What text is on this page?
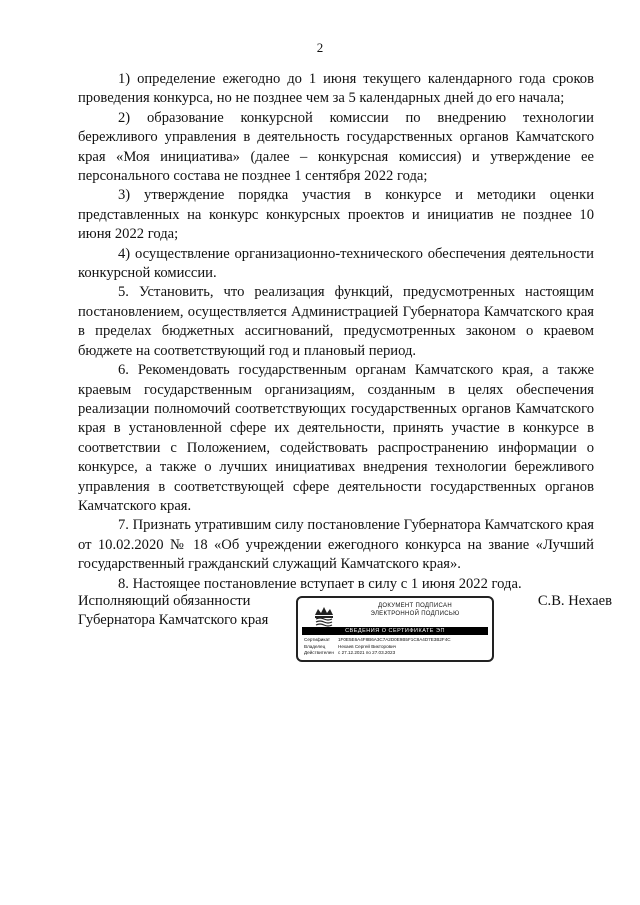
2

1) определение ежегодно до 1 июня текущего календарного года сроков проведения конкурса, но не позднее чем за 5 календарных дней до его начала;

2) образование конкурсной комиссии по внедрению технологии бережливого управления в деятельность государственных органов Камчатского края «Моя инициатива» (далее – конкурсная комиссия) и утверждение ее персонального состава не позднее 1 сентября 2022 года;

3) утверждение порядка участия в конкурсе и методики оценки представленных на конкурс конкурсных проектов и инициатив не позднее 10 июня 2022 года;

4) осуществление организационно-технического обеспечения деятельности конкурсной комиссии.

5. Установить, что реализация функций, предусмотренных настоящим постановлением, осуществляется Администрацией Губернатора Камчатского края в пределах бюджетных ассигнований, предусмотренных законом о краевом бюджете на соответствующий год и плановый период.

6. Рекомендовать государственным органам Камчатского края, а также краевым государственным организациям, созданным в целях обеспечения реализации полномочий соответствующих государственных органов Камчатского края в установленной сфере их деятельности, принять участие в конкурсе в соответствии с Положением, содействовать распространению информации о конкурсе, а также о лучших инициативах внедрения технологии бережливого управления в соответствующей сфере деятельности государственных органов Камчатского края.

7. Признать утратившим силу постановление Губернатора Камчатского края от 10.02.2020 № 18 «Об учреждении ежегодного конкурса на звание «Лучший государственный гражданский служащий Камчатского края».

8. Настоящее постановление вступает в силу с 1 июня 2022 года.

Исполняющий обязанности
Губернатора Камчатского края
ДОКУМЕНТ ПОДПИСАН
ЭЛЕКТРОННОЙ ПОДПИСЬЮ
СВЕДЕНИЯ О СЕРТИФИКАТЕ ЭП
Сертификат 1F0E5E6A4F8B6A3C7A2D0E9B5F1C8A4D7E3B2F4C
Владелец	Нехаев Сергей Викторович
Действителен с 27.12.2021 по 27.03.2023
С.В. Нехаев
